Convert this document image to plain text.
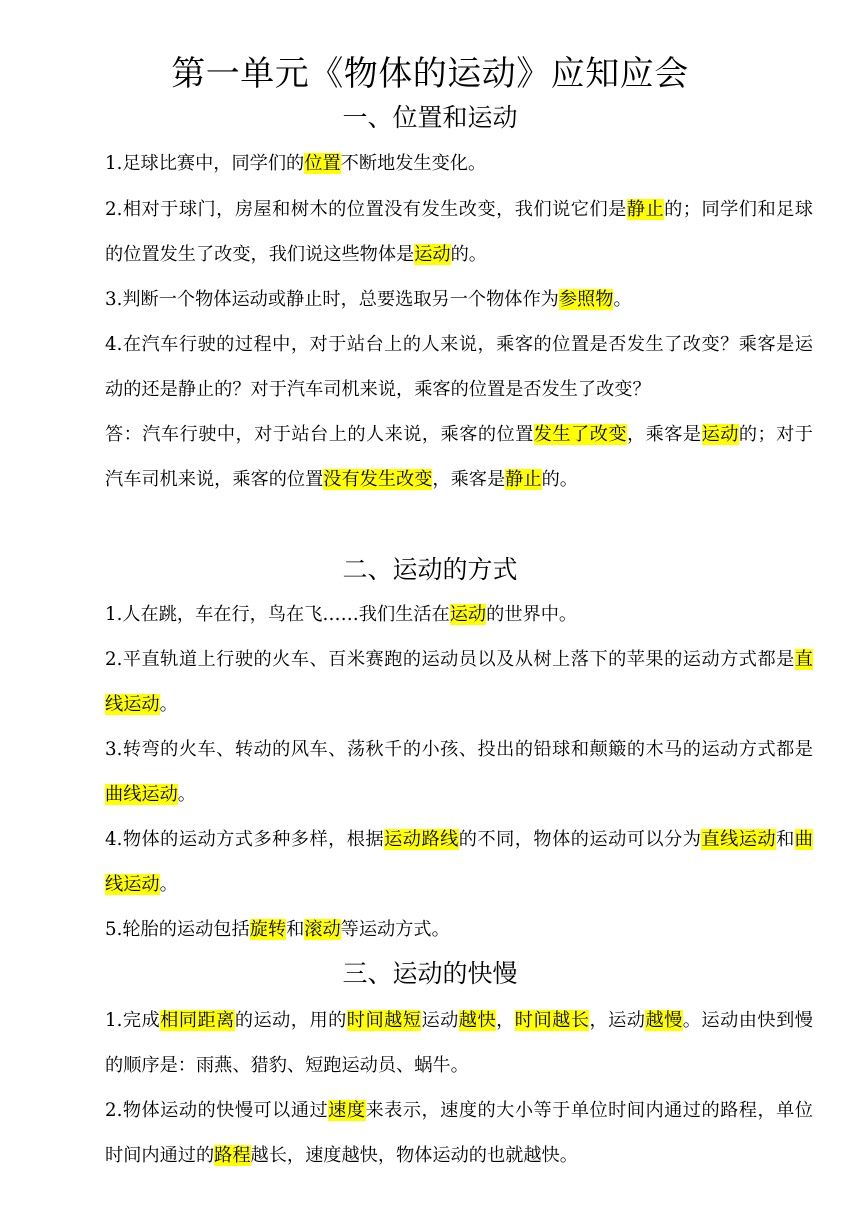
第一单元《物体的运动》应知应会
一、位置和运动
1.足球比赛中，同学们的位置不断地发生变化。
2.相对于球门，房屋和树木的位置没有发生改变，我们说它们是静止的；同学们和足球的位置发生了改变，我们说这些物体是运动的。
3.判断一个物体运动或静止时，总要选取另一个物体作为参照物。
4.在汽车行驶的过程中，对于站台上的人来说，乘客的位置是否发生了改变？乘客是运动的还是静止的？对于汽车司机来说，乘客的位置是否发生了改变？
答：汽车行驶中，对于站台上的人来说，乘客的位置发生了改变，乘客是运动的；对于汽车司机来说，乘客的位置没有发生改变，乘客是静止的。
二、运动的方式
1.人在跳，车在行，鸟在飞……我们生活在运动的世界中。
2.平直轨道上行驶的火车、百米赛跑的运动员以及从树上落下的苹果的运动方式都是直线运动。
3.转弯的火车、转动的风车、荡秋千的小孩、投出的铅球和颠簸的木马的运动方式都是曲线运动。
4.物体的运动方式多种多样，根据运动路线的不同，物体的运动可以分为直线运动和曲线运动。
5.轮胎的运动包括旋转和滚动等运动方式。
三、运动的快慢
1.完成相同距离的运动，用的时间越短运动越快，时间越长，运动越慢。运动由快到慢的顺序是：雨燕、猎豹、短跑运动员、蜗牛。
2.物体运动的快慢可以通过速度来表示，速度的大小等于单位时间内通过的路程，单位时间内通过的路程越长，速度越快，物体运动的也就越快。
